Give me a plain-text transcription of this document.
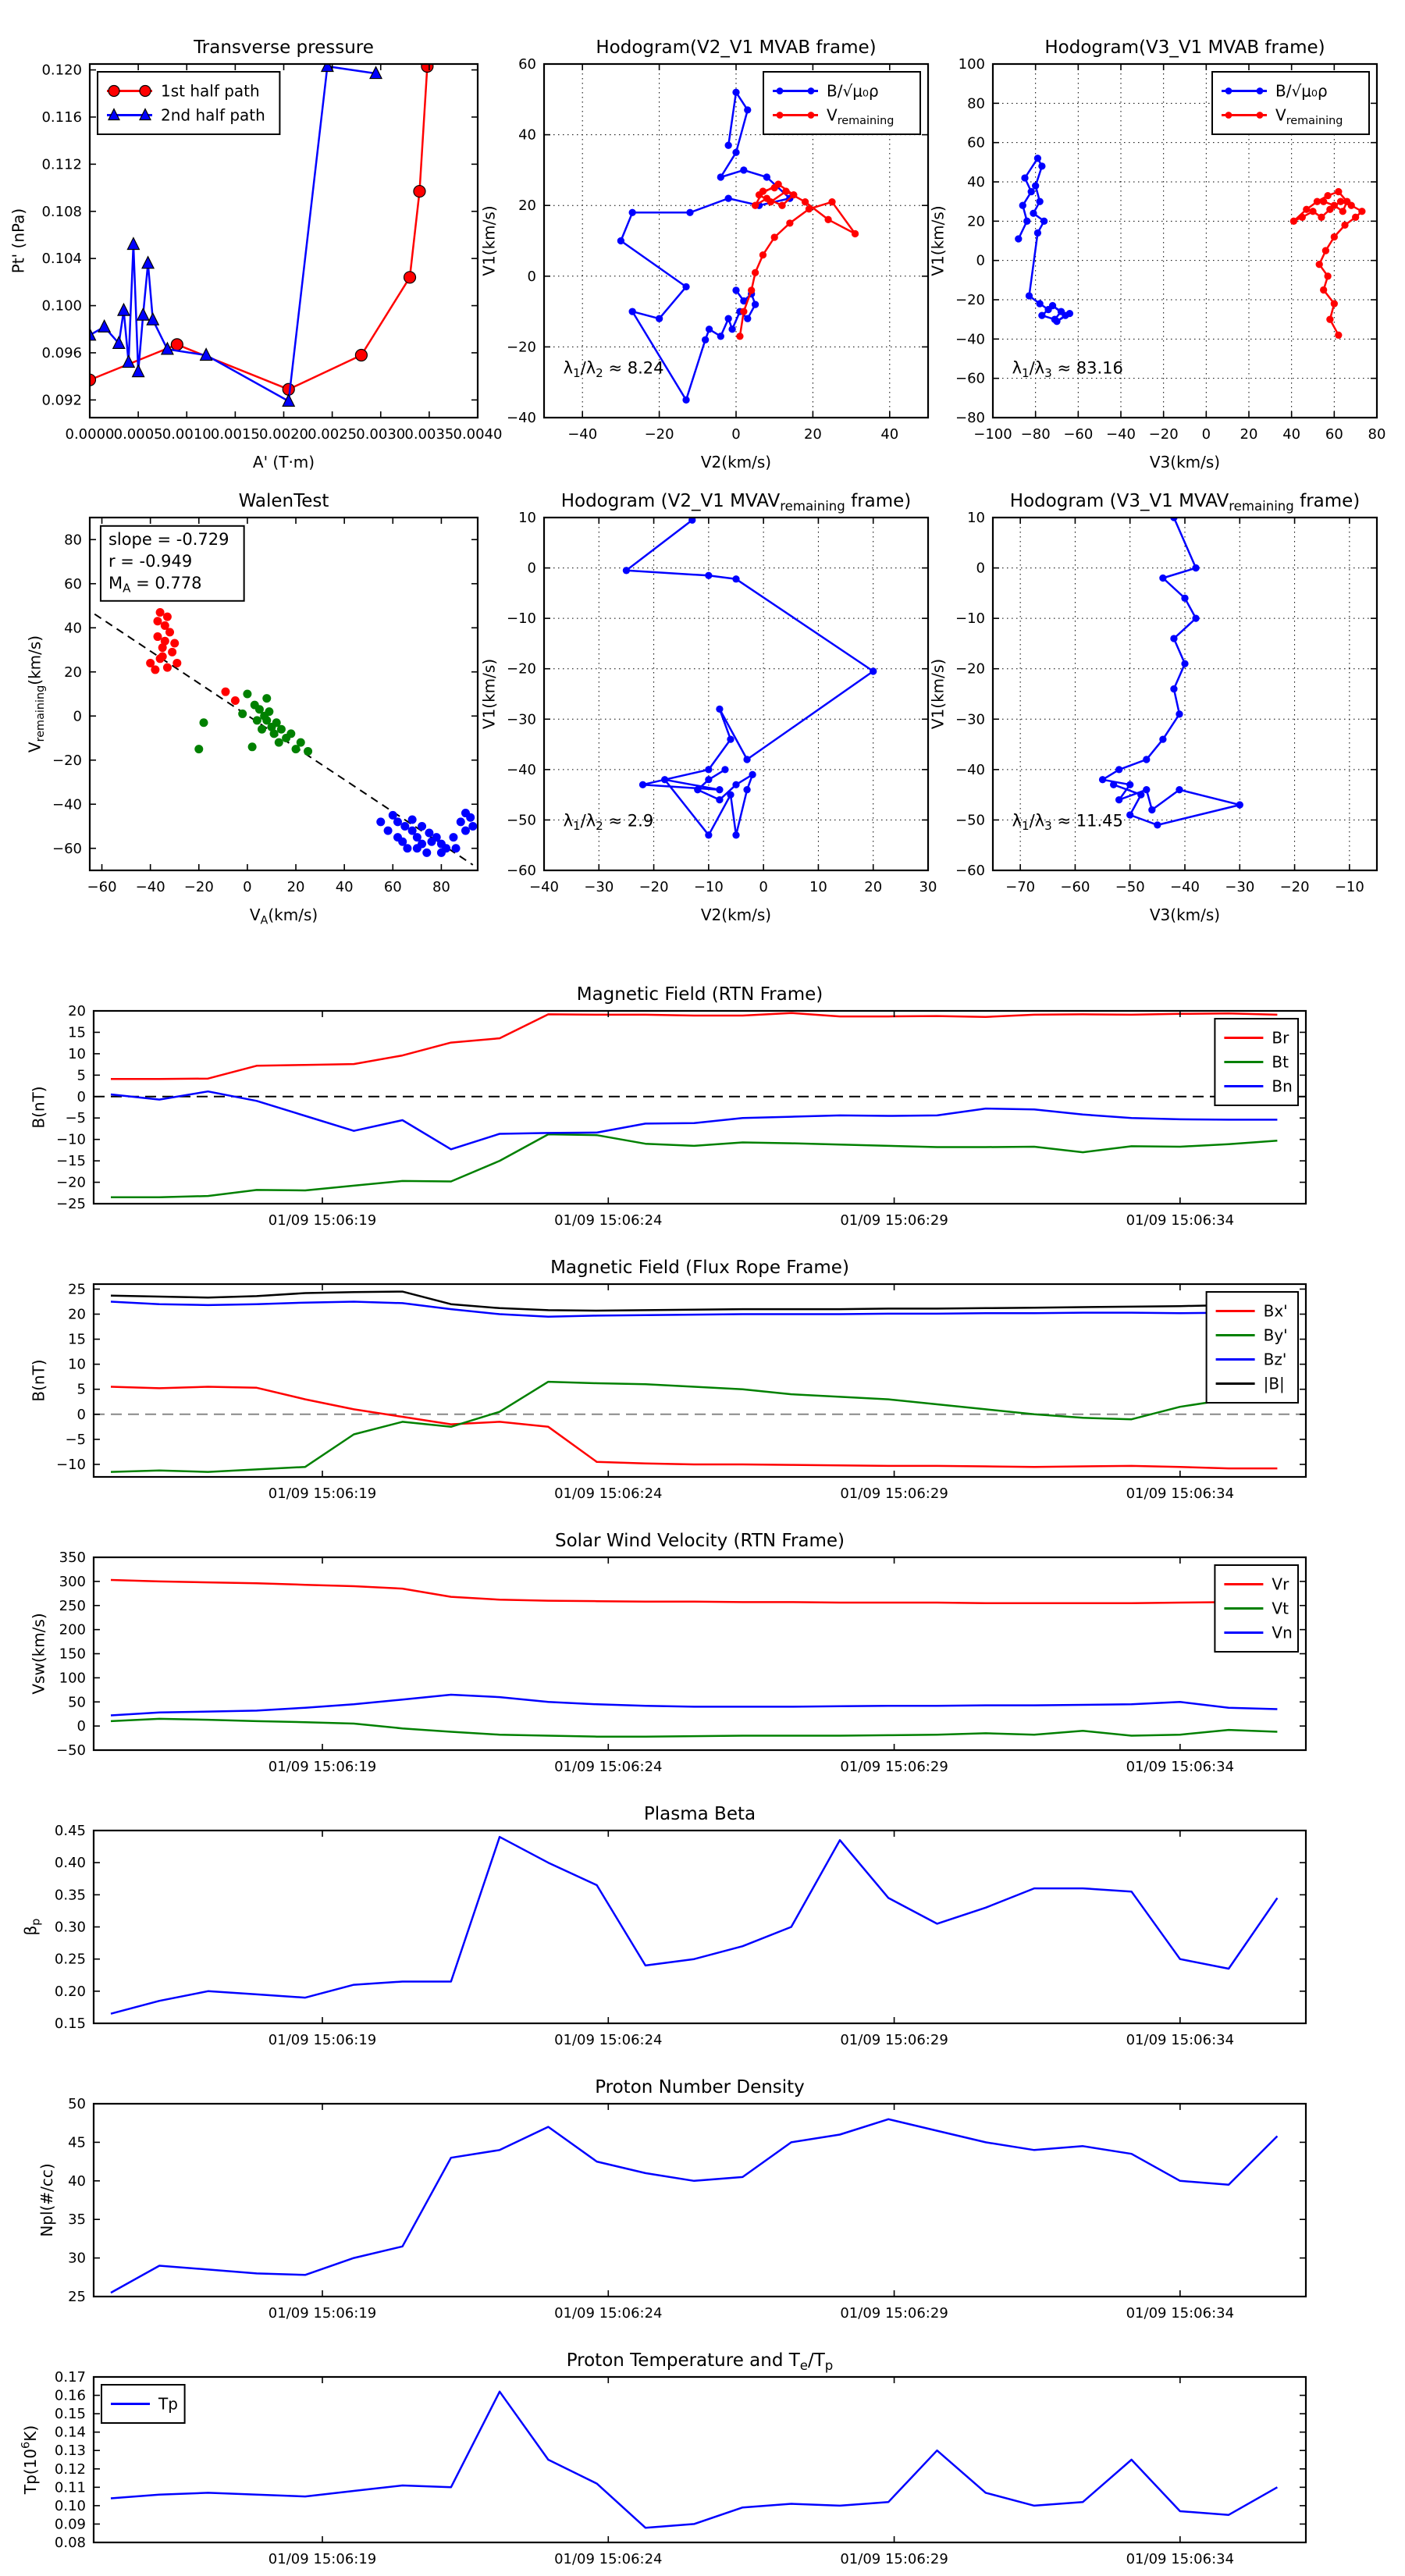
0.0000 0.0005 0.0010 0.0015 0.0020 0.0025 0.0030 0.0035 0.0040
0.092
0.096
0.100
0.104
0.108
0.112
0.116
0.120
Transverse pressure
A' (T·m)
Pt' (nPa)
1st half path
2nd half path
−40	−20	0	20	40
−40
−20
0
20
40
60
Hodogram(V2_V1 MVAB frame)
V2(km/s)
V1(km/s)
$\lambda_1/\lambda_2 \approx 8.24$
B/√μ₀ρ
$V_{remaining}$
−100 −80 −60 −40 −20 0 20 40 60 80
−80
−60
−40
−20
0
20
40
60
80
100
Hodogram(V3_V1 MVAB frame)
V3(km/s)
V1(km/s)
$\lambda_1/\lambda_3 \approx 83.16$
B/√μ₀ρ
$V_{remaining}$
−60 −40 −20 0 20 40 60 80
−60
−40
−20
0
20
40
60
80
WalenTest
$V_A(km/s)$
$V_{remaining}(km/s)$
slope = -0.729
r = -0.949
$M_A = 0.778$
−40 −30 −20 −10	0	10	20	30
−60
−50
−40
−30
−20
−10
0
10
Hodogram (V2_V1 $MVAV_{remaining}$ frame)
V2(km/s)
V1(km/s)
$\lambda_1/\lambda_2 \approx 2.9$
−70 −60 −50 −40 −30 −20 −10
−60
−50
−40
−30
−20
−10
0
10
Hodogram (V3_V1 $MVAV_{remaining}$ frame)
V3(km/s)
V1(km/s)
$\lambda_1/\lambda_3 \approx 11.45$
01/09 15:06:19	01/09 15:06:24	01/09 15:06:29	01/09 15:06:34
−25
−20
−15
−10
−5
0
5
10
15
20
Magnetic Field (RTN Frame)
B(nT)
Br
Bt
Bn
01/09 15:06:19	01/09 15:06:24	01/09 15:06:29	01/09 15:06:34
−10
−5
0
5
10
15
20
25
Magnetic Field (Flux Rope Frame)
B(nT)
Bx'
By'
Bz'
|B|
01/09 15:06:19	01/09 15:06:24	01/09 15:06:29	01/09 15:06:34
−50
0
50
100
150
200
250
300
350
Solar Wind Velocity (RTN Frame)
Vsw(km/s)
Vr
Vt
Vn
01/09 15:06:19	01/09 15:06:24	01/09 15:06:29	01/09 15:06:34
0.15
0.20
0.25
0.30
0.35
0.40
0.45
Plasma Beta
$\beta_p$
01/09 15:06:19	01/09 15:06:24	01/09 15:06:29	01/09 15:06:34
25
30
35
40
45
50
Proton Number Density
Npl(#/cc)
01/09 15:06:19	01/09 15:06:24	01/09 15:06:29	01/09 15:06:34
0.08
0.09
0.10
0.11
0.12
0.13
0.14
0.15
0.16
0.17
Proton Temperature and $T_e/T_p$
$Tp(10^6K)$
Tp
